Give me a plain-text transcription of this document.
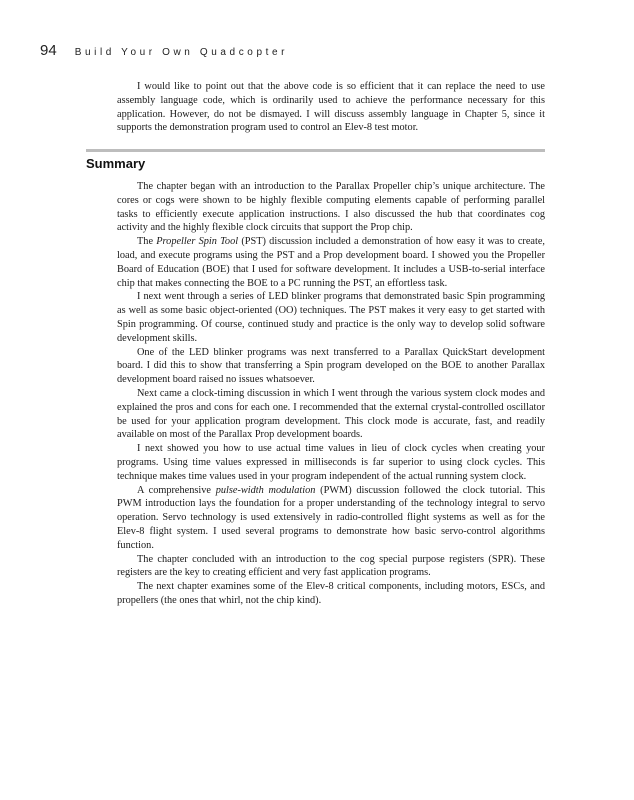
94 Build Your Own Quadcopter

I would like to point out that the above code is so efficient that it can replace the need to use assembly language code, which is ordinarily used to achieve the performance necessary for this application. However, do not be dismayed. I will discuss assembly language in Chapter 5, since it supports the demonstration program used to control an Elev-8 test motor.

Summary

The chapter began with an introduction to the Parallax Propeller chip’s unique architecture. The cores or cogs were shown to be highly flexible computing elements capable of performing parallel tasks to efficiently execute application instructions. I also discussed the hub that coordinates cog activity and the highly flexible clock circuits that support the Prop chip.

The Propeller Spin Tool (PST) discussion included a demonstration of how easy it was to create, load, and execute programs using the PST and a Prop development board. I showed you the Propeller Board of Education (BOE) that I used for software development. It includes a USB-to-serial interface chip that makes connecting the BOE to a PC running the PST, an effortless task.

I next went through a series of LED blinker programs that demonstrated basic Spin programming as well as some basic object-oriented (OO) techniques. The PST makes it very easy to get started with Spin programming. Of course, continued study and practice is the only way to develop solid software development skills.

One of the LED blinker programs was next transferred to a Parallax QuickStart development board. I did this to show that transferring a Spin program developed on the BOE to another Parallax development board raised no issues whatsoever.

Next came a clock-timing discussion in which I went through the various system clock modes and explained the pros and cons for each one. I recommended that the external crystal-controlled oscillator be used for your application program development. This clock mode is accurate, fast, and readily available on most of the Parallax Prop development boards.

I next showed you how to use actual time values in lieu of clock cycles when creating your programs. Using time values expressed in milliseconds is far superior to using clock cycles. This technique makes time values used in your program independent of the actual running system clock.

A comprehensive pulse-width modulation (PWM) discussion followed the clock tutorial. This PWM introduction lays the foundation for a proper understanding of the technology integral to servo operation. Servo technology is used extensively in radio-controlled flight systems as well as for the Elev-8 flight system. I used several programs to demonstrate how basic servo-control algorithms function.

The chapter concluded with an introduction to the cog special purpose registers (SPR). These registers are the key to creating efficient and very fast application programs.

The next chapter examines some of the Elev-8 critical components, including motors, ESCs, and propellers (the ones that whirl, not the chip kind).
